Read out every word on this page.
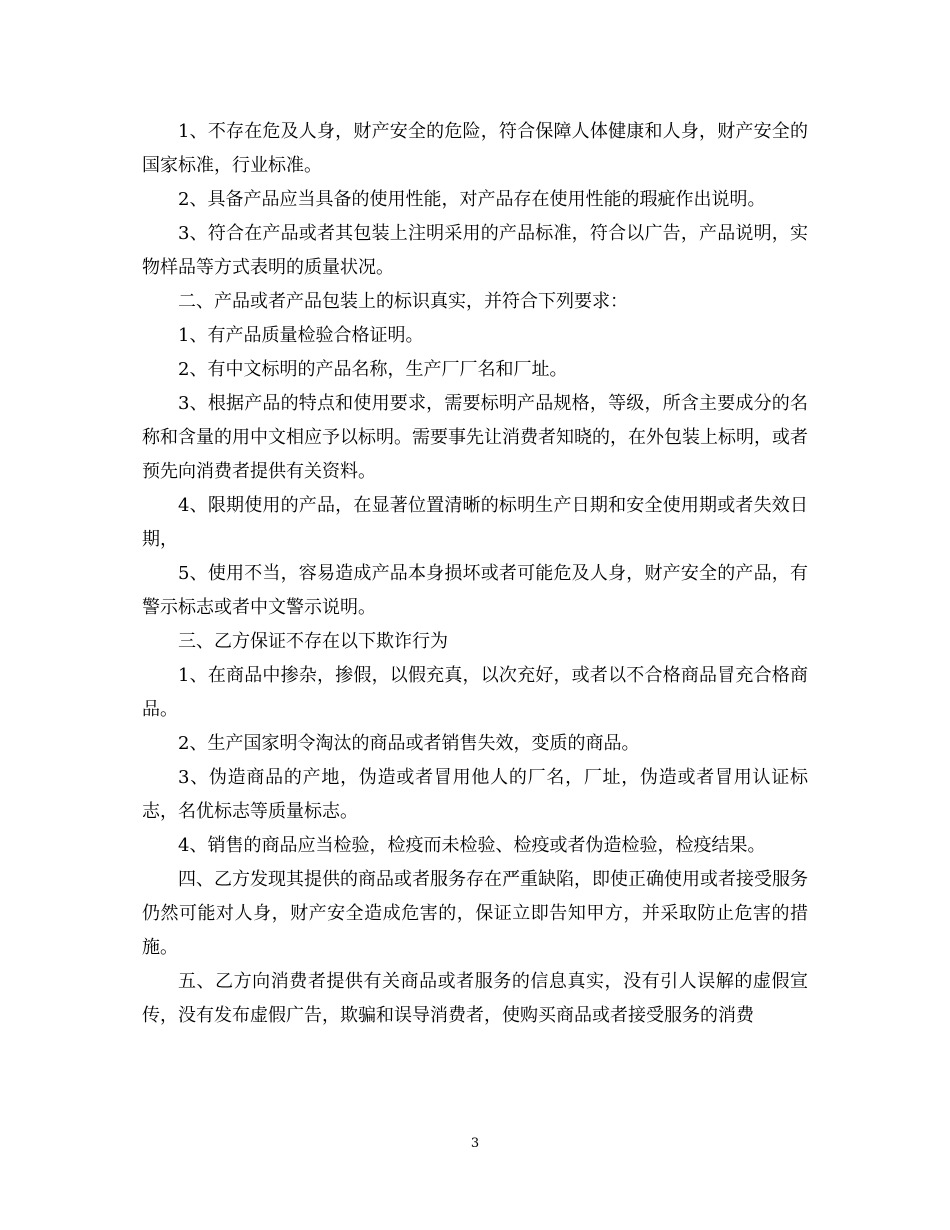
1、不存在危及人身，财产安全的危险，符合保障人体健康和人身，财产安全的国家标准，行业标准。

2、具备产品应当具备的使用性能，对产品存在使用性能的瑕疵作出说明。

3、符合在产品或者其包装上注明采用的产品标准，符合以广告，产品说明，实物样品等方式表明的质量状况。

二、产品或者产品包装上的标识真实，并符合下列要求：

1、有产品质量检验合格证明。

2、有中文标明的产品名称，生产厂厂名和厂址。

3、根据产品的特点和使用要求，需要标明产品规格，等级，所含主要成分的名称和含量的用中文相应予以标明。需要事先让消费者知晓的，在外包装上标明，或者预先向消费者提供有关资料。

4、限期使用的产品，在显著位置清晰的标明生产日期和安全使用期或者失效日期，

5、使用不当，容易造成产品本身损坏或者可能危及人身，财产安全的产品，有警示标志或者中文警示说明。

三、乙方保证不存在以下欺诈行为

1、在商品中掺杂，掺假，以假充真，以次充好，或者以不合格商品冒充合格商品。

2、生产国家明令淘汰的商品或者销售失效，变质的商品。

3、伪造商品的产地，伪造或者冒用他人的厂名，厂址，伪造或者冒用认证标志，名优标志等质量标志。

4、销售的商品应当检验，检疫而未检验、检疫或者伪造检验，检疫结果。

四、乙方发现其提供的商品或者服务存在严重缺陷，即使正确使用或者接受服务仍然可能对人身，财产安全造成危害的，保证立即告知甲方，并采取防止危害的措施。

五、乙方向消费者提供有关商品或者服务的信息真实，没有引人误解的虚假宣传，没有发布虚假广告，欺骗和误导消费者，使购买商品或者接受服务的消费

3
